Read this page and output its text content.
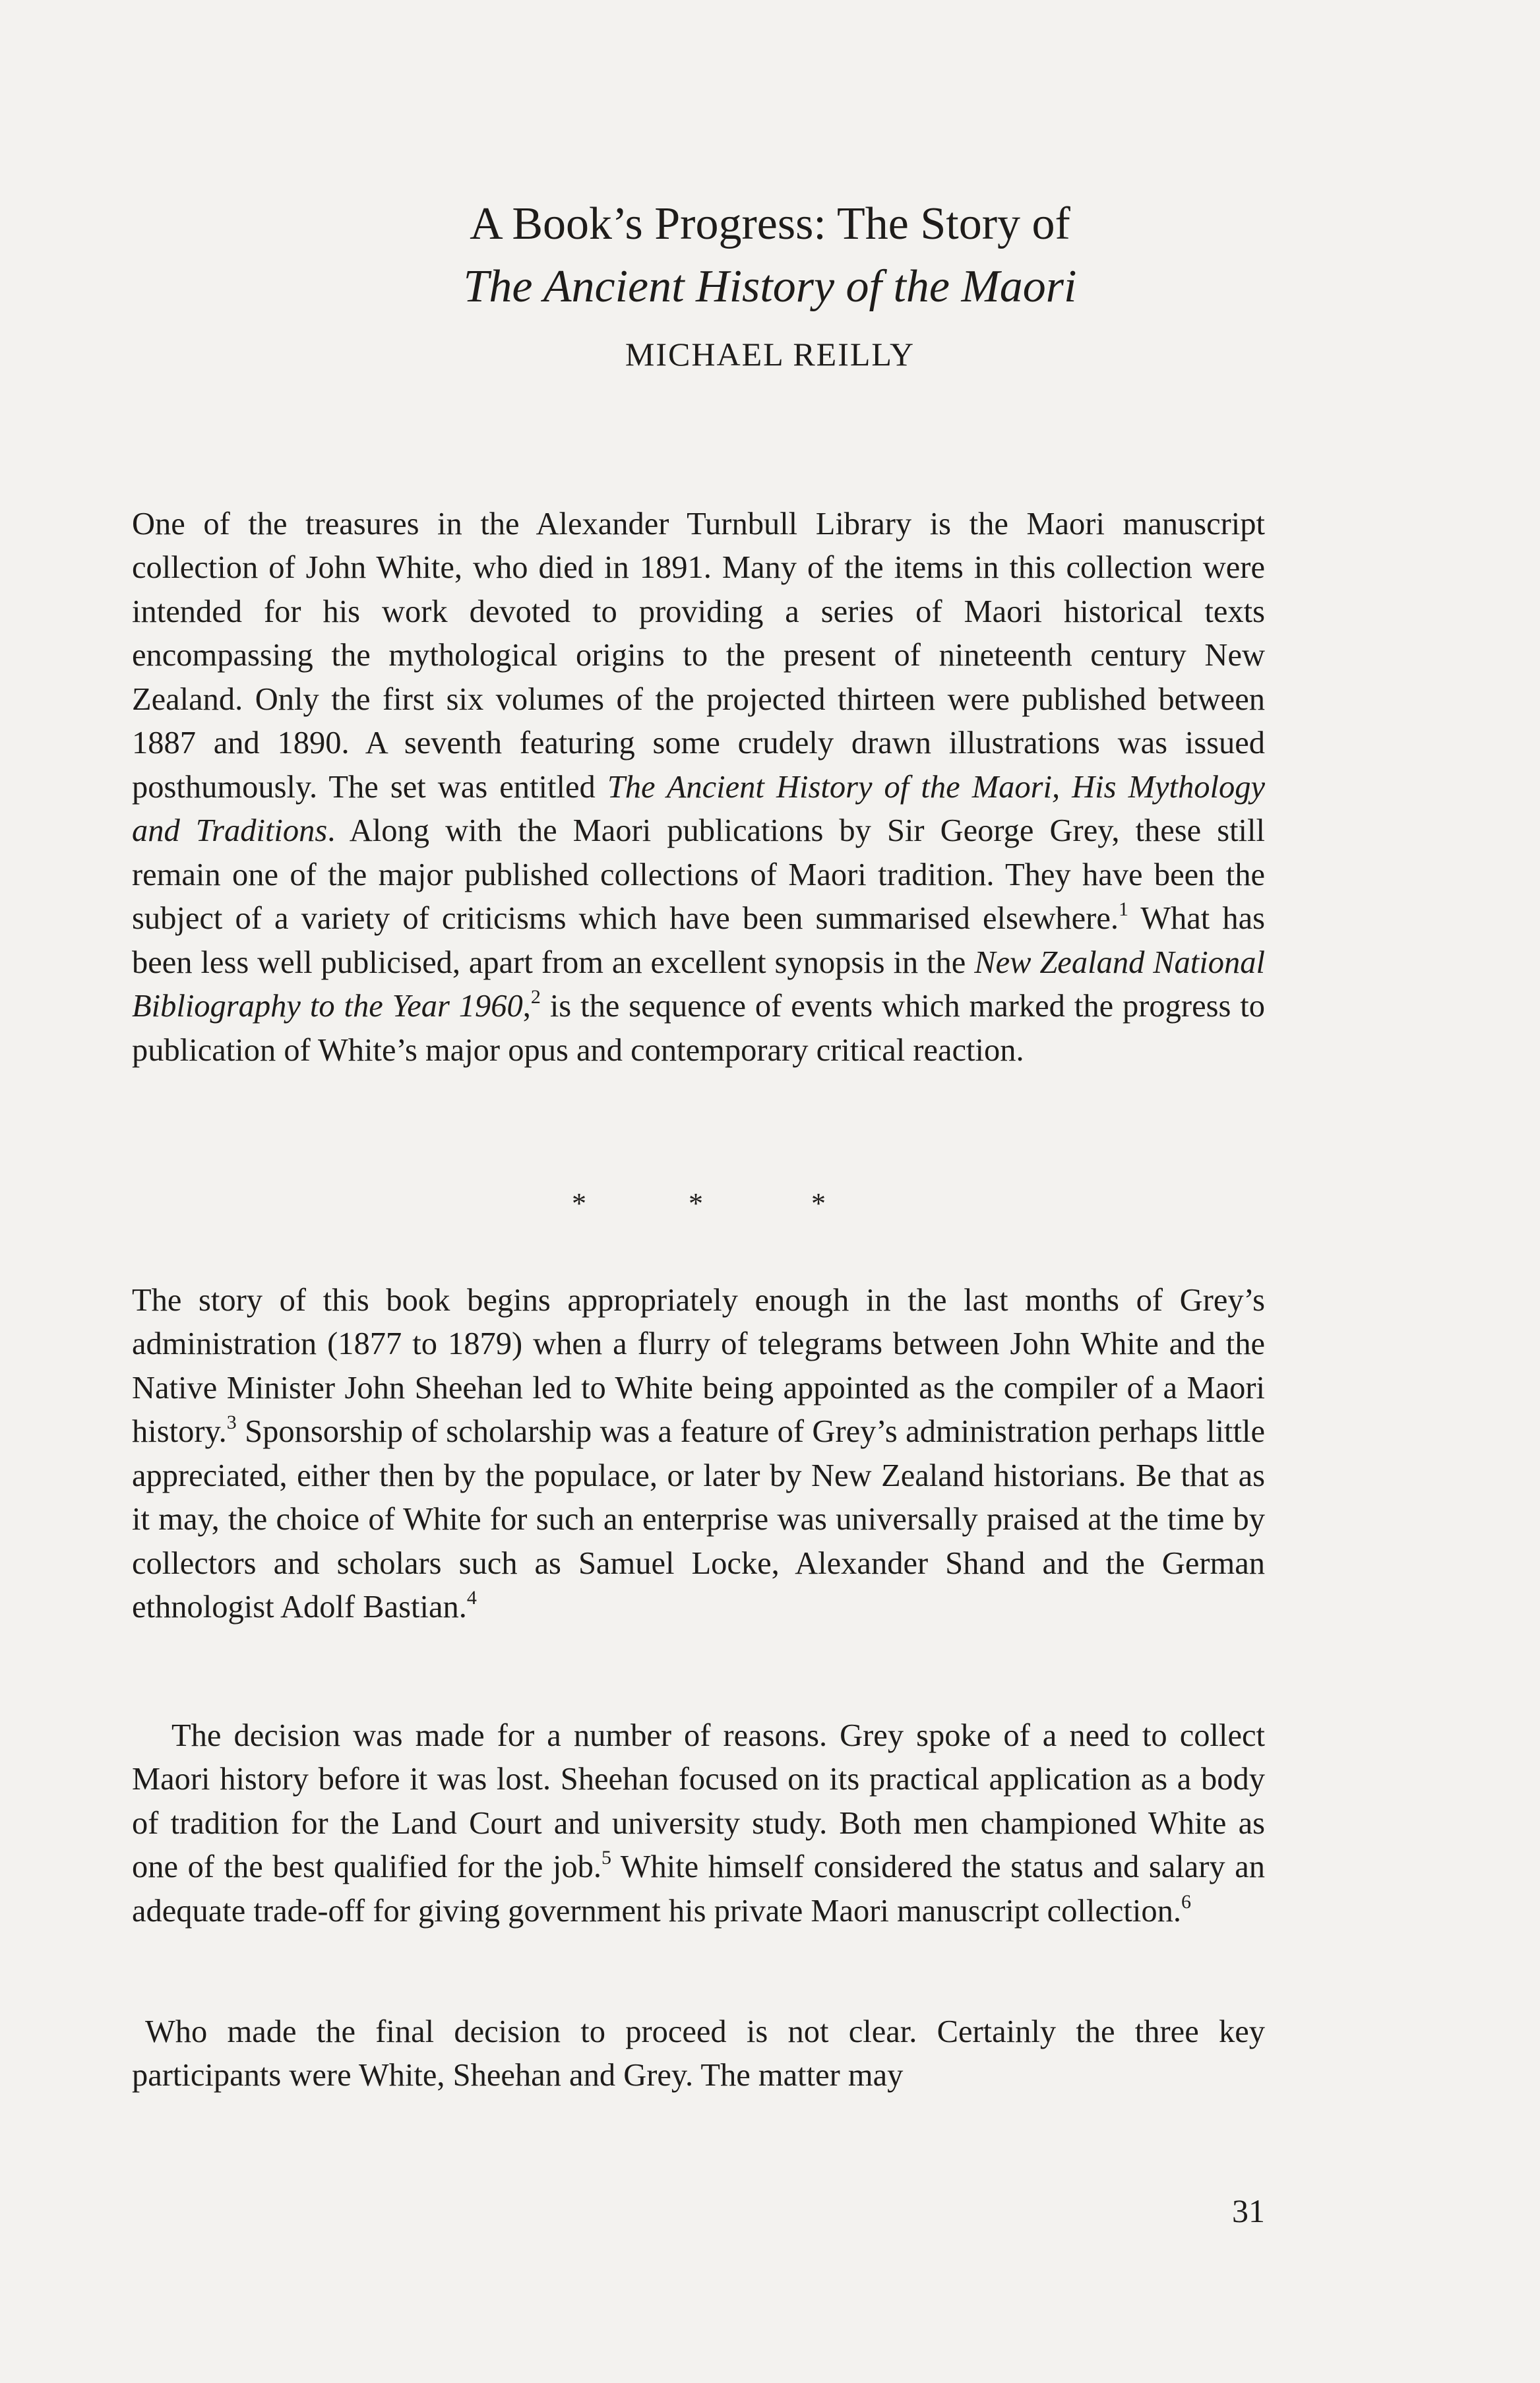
A Book’s Progress: The Story of
The Ancient History of the Maori
MICHAEL REILLY

One of the treasures in the Alexander Turnbull Library is the Maori manuscript collection of John White, who died in 1891. Many of the items in this collection were intended for his work devoted to providing a series of Maori historical texts encompassing the mythological origins to the present of nineteenth century New Zealand. Only the first six volumes of the projected thirteen were published between 1887 and 1890. A seventh featuring some crudely drawn illustrations was issued posthumously. The set was entitled The Ancient History of the Maori, His Mythology and Traditions. Along with the Maori publications by Sir George Grey, these still remain one of the major published collections of Maori tradition. They have been the subject of a variety of criticisms which have been summarised elsewhere.$^1$ What has been less well publicised, apart from an excellent synopsis in the New Zealand National Bibliography to the Year 1960,$^2$ is the sequence of events which marked the progress to publication of White’s major opus and contemporary critical reaction.

*	*	*

The story of this book begins appropriately enough in the last months of Grey’s administration (1877 to 1879) when a flurry of telegrams between John White and the Native Minister John Sheehan led to White being appointed as the compiler of a Maori history.$^3$ Sponsorship of scholarship was a feature of Grey’s administration perhaps little appreciated, either then by the populace, or later by New Zealand historians. Be that as it may, the choice of White for such an enterprise was universally praised at the time by collectors and scholars such as Samuel Locke, Alexander Shand and the German ethnologist Adolf Bastian.$^4$

The decision was made for a number of reasons. Grey spoke of a need to collect Maori history before it was lost. Sheehan focused on its practical application as a body of tradition for the Land Court and university study. Both men championed White as one of the best qualified for the job.$^5$ White himself considered the status and salary an adequate trade-off for giving government his private Maori manuscript collection.$^6$

Who made the final decision to proceed is not clear. Certainly the three key participants were White, Sheehan and Grey. The matter may

31
